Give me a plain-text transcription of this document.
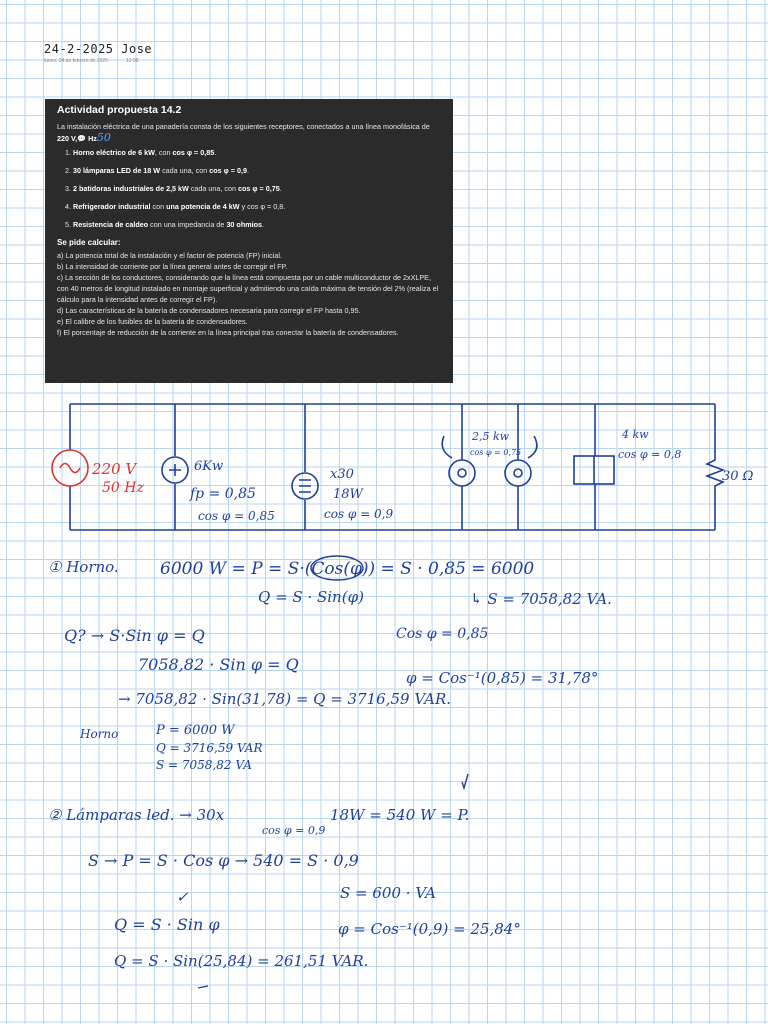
24-2-2025 Jose
lunes, 24 de febrero de 2025	12:08
Actividad propuesta 14.2

La instalación eléctrica de una panadería consta de los siguientes receptores, conectados a una línea monofásica de 220 V,💬 Hz50

1. Horno eléctrico de 6 kW, con cos φ = 0,85.
2. 30 lámparas LED de 18 W cada una, con cos φ = 0,9.
3. 2 batidoras industriales de 2,5 kW cada una, con cos φ = 0,75.
4. Refrigerador industrial con una potencia de 4 kW y cos φ = 0,8.
5. Resistencia de caldeo con una impedancia de 30 ohmios.
Se pide calcular:

a) La potencia total de la instalación y el factor de potencia (FP) inicial.

b) La intensidad de corriente por la línea general antes de corregir el FP.

c) La sección de los conductores, considerando que la línea está compuesta por un cable multiconductor de 2xXLPE, con 40 metros de longitud instalado en montaje superficial y admitiendo una caída máxima de tensión del 2% (realiza el cálculo para la intensidad antes de corregir el FP).

d) Las características de la batería de condensadores necesaria para corregir el FP hasta 0,95.

e) El calibre de los fusibles de la batería de condensadores.

f) El porcentaje de reducción de la corriente en la línea principal tras conectar la batería de condensadores.

220 V
50 Hz
6Kw
fp = 0,85
cos φ = 0,85
x30
18W
cos φ = 0,9
2,5 kw
cos φ = 0,75
4 kw
cos φ = 0,8
30 Ω
① Horno. 6000 W = P = S·(Cos(φ)) = S · 0,85 = 6000
Q = S · Sin(φ)	↳ S = 7058,82 VA.
Q? → S·Sin φ = Q	Cos φ = 0,85
7058,82 · Sin φ = Q
φ = Cos⁻¹(0,85) = 31,78°
→ 7058,82 · Sin(31,78) = Q = 3716,59 VAR.
Horno	P = 6000 W
Q = 3716,59 VAR
S = 7058,82 VA
② Lámparas led. → 30x
cos φ = 0,9
18W = 540 W = P.
S → P = S · Cos φ → 540 = S · 0,9
S = 600 · VA
✓
Q = S · Sin φ	φ = Cos⁻¹(0,9) = 25,84°
Q = S · Sin(25,84) = 261,51 VAR.
